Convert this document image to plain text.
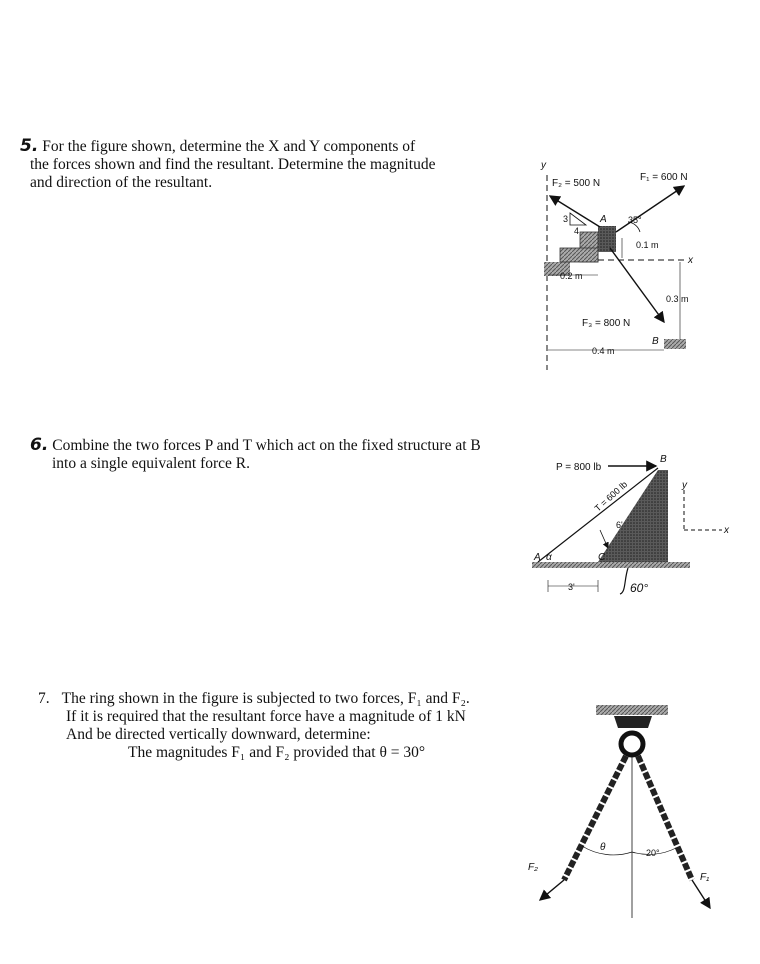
5. For the figure shown, determine the X and Y components of
the forces shown and find the resultant. Determine the magnitude
and direction of the resultant.
y
F₂ = 500 N
3
4
A
F₁ = 600 N
35°
0.1 m
x
0.2 m
F₃ = 800 N
0.3 m
B
0.4 m
6. Combine the two forces P and T which act on the fixed structure at B
into a single equivalent force R.
T = 600 lb
P = 800 lb
B
y
x
6'
A α	C
3'	60°
7. The ring shown in the figure is subjected to two forces, F₁ and F₂.
If it is required that the resultant force have a magnitude of 1 kN
And be directed vertically downward, determine:
The magnitudes F₁ and F₂ provided that θ = 30°
F₂
F₁
θ	20°
